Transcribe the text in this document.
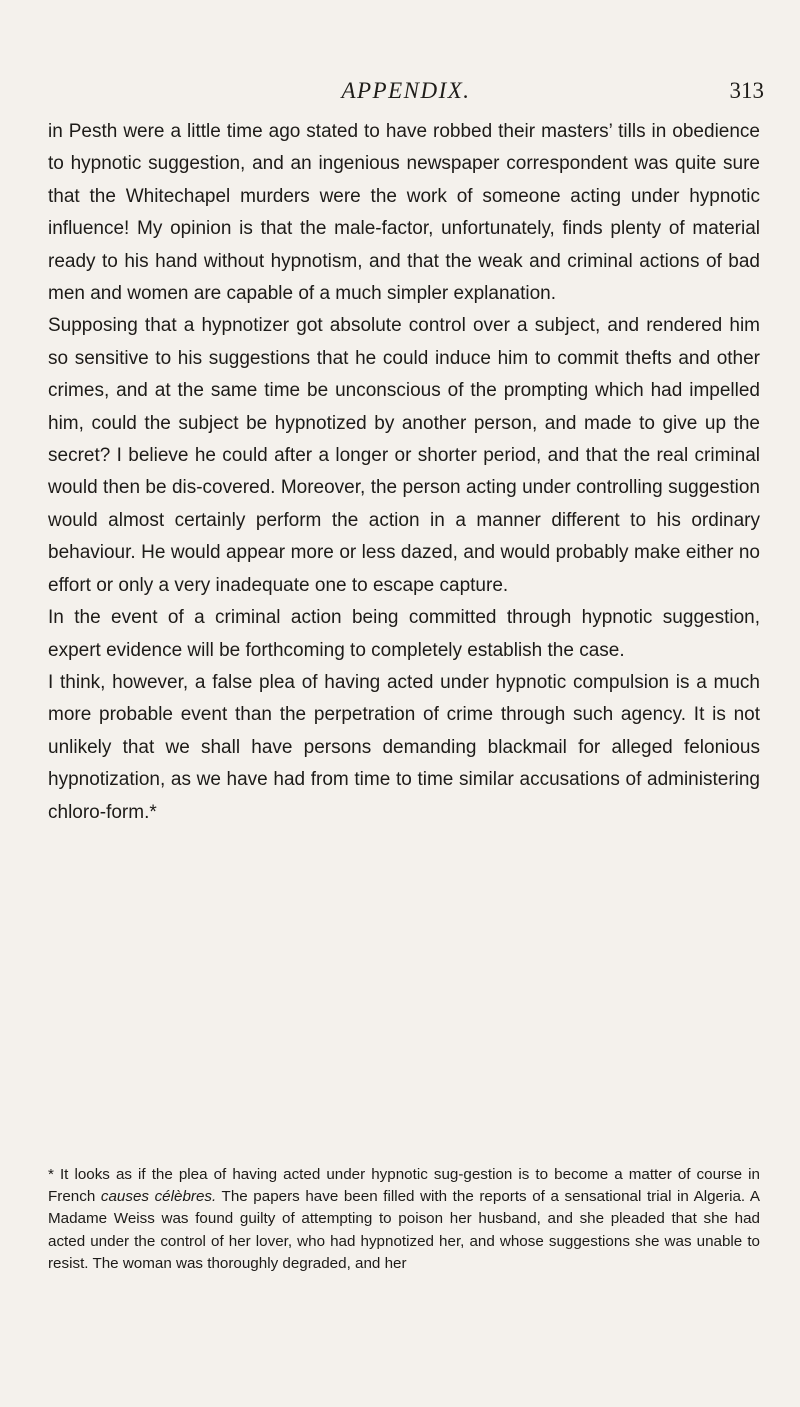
APPENDIX.	313

in Pesth were a little time ago stated to have robbed their masters’ tills in obedience to hypnotic suggestion, and an ingenious newspaper correspondent was quite sure that the Whitechapel murders were the work of someone acting under hypnotic influence! My opinion is that the male-factor, unfortunately, finds plenty of material ready to his hand without hypnotism, and that the weak and criminal actions of bad men and women are capable of a much simpler explanation.

Supposing that a hypnotizer got absolute control over a subject, and rendered him so sensitive to his suggestions that he could induce him to commit thefts and other crimes, and at the same time be unconscious of the prompting which had impelled him, could the subject be hypnotized by another person, and made to give up the secret? I believe he could after a longer or shorter period, and that the real criminal would then be dis-covered. Moreover, the person acting under controlling suggestion would almost certainly perform the action in a manner different to his ordinary behaviour. He would appear more or less dazed, and would probably make either no effort or only a very inadequate one to escape capture.

In the event of a criminal action being committed through hypnotic suggestion, expert evidence will be forthcoming to completely establish the case.

I think, however, a false plea of having acted under hypnotic compulsion is a much more probable event than the perpetration of crime through such agency. It is not unlikely that we shall have persons demanding blackmail for alleged felonious hypnotization, as we have had from time to time similar accusations of administering chloro-form.*

* It looks as if the plea of having acted under hypnotic sug-gestion is to become a matter of course in French causes célèbres. The papers have been filled with the reports of a sensational trial in Algeria. A Madame Weiss was found guilty of attempting to poison her husband, and she pleaded that she had acted under the control of her lover, who had hypnotized her, and whose suggestions she was unable to resist. The woman was thoroughly degraded, and her
